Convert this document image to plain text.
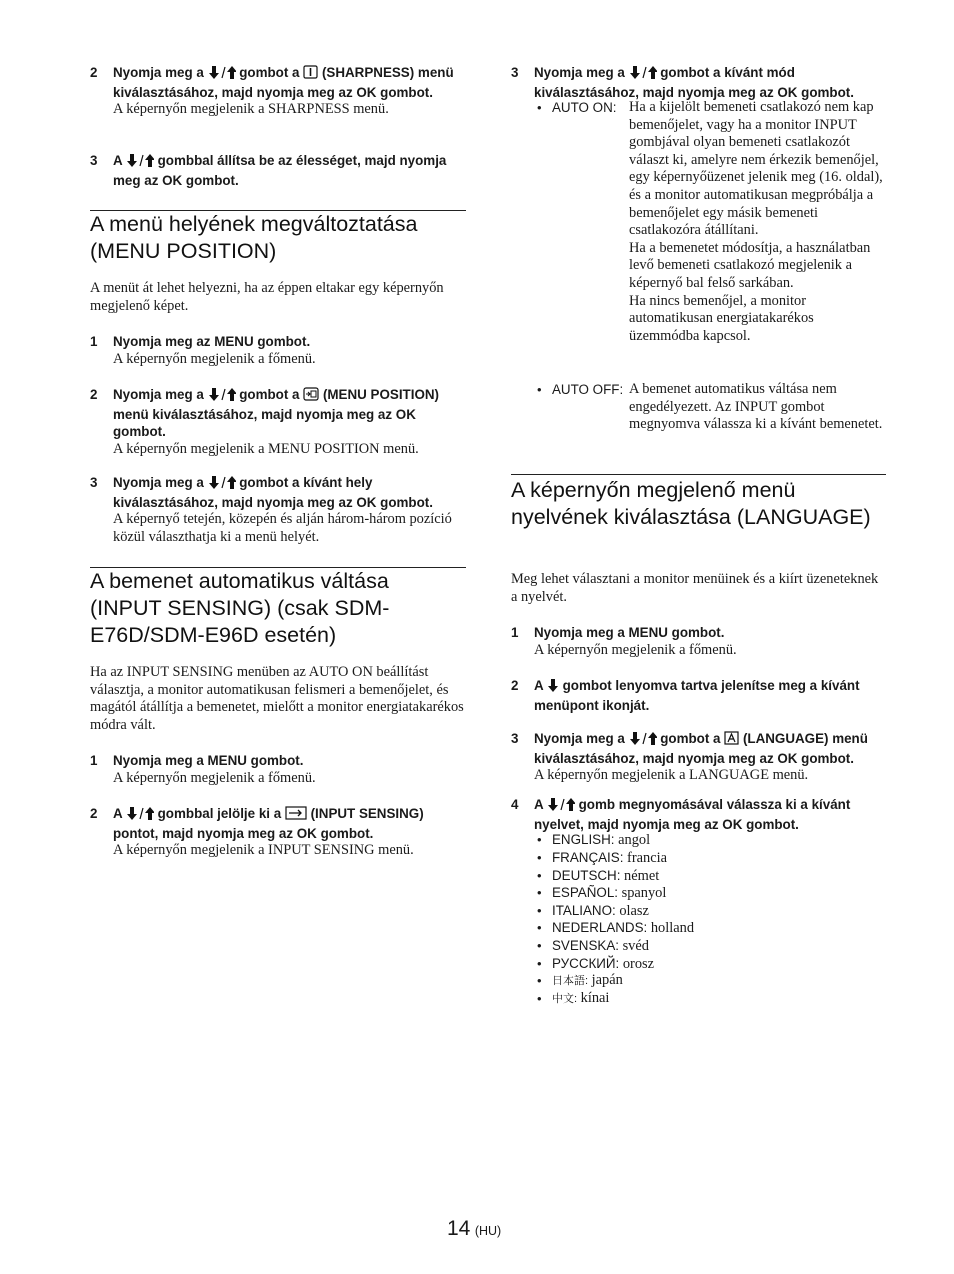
2 Nyomja meg a  gombot a  (SHARPNESS) menü kiválasztásához, majd nyomja meg az OK gombot.
A képernyőn megjelenik a SHARPNESS menü.
3 A  gombbal állítsa be az élességet, majd nyomja meg az OK gombot.
A menü helyének megváltoztatása (MENU POSITION)
A menüt át lehet helyezni, ha az éppen eltakar egy képernyőn megjelenő képet.
1 Nyomja meg az MENU gombot.
A képernyőn megjelenik a főmenü.
2 Nyomja meg a  gombot a  (MENU POSITION) menü kiválasztásához, majd nyomja meg az OK gombot.
A képernyőn megjelenik a MENU POSITION menü.
3 Nyomja meg a  gombot a kívánt hely kiválasztásához, majd nyomja meg az OK gombot.
A képernyő tetején, közepén és alján három-három pozíció közül választhatja ki a menü helyét.
A bemenet automatikus váltása (INPUT SENSING) (csak SDM-E76D/SDM-E96D esetén)
Ha az INPUT SENSING menüben az AUTO ON beállítást választja, a monitor automatikusan felismeri a bemenőjelet, és magától átállítja a bemenetet, mielőtt a monitor energiatakarékos módra vált.
1 Nyomja meg a MENU gombot.
A képernyőn megjelenik a főmenü.
2 A  gombbal jelölje ki a  (INPUT SENSING) pontot, majd nyomja meg az OK gombot.
A képernyőn megjelenik a INPUT SENSING menü.
3 Nyomja meg a  gombot a kívánt mód kiválasztásához, majd nyomja meg az OK gombot.
• AUTO ON: Ha a kijelölt bemeneti csatlakozó nem kap bemenőjelet, vagy ha a monitor INPUT gombjával olyan bemeneti csatlakozót választ ki, amelyre nem érkezik bemenőjel, egy képernyőüzenet jelenik meg (16. oldal), és a monitor automatikusan megpróbálja a bemenőjelet egy másik bemeneti csatlakozóra átállítani.
Ha a bemenetet módosítja, a használatban levő bemeneti csatlakozó megjelenik a képernyő bal felső sarkában.
Ha nincs bemenőjel, a monitor automatikusan energiatakarékos üzemmódba kapcsol.
• AUTO OFF: A bemenet automatikus váltása nem engedélyezett. Az INPUT gombot megnyomva válassza ki a kívánt bemenetet.
A képernyőn megjelenő menü nyelvének kiválasztása (LANGUAGE)
Meg lehet választani a monitor menüinek és a kiírt üzeneteknek a nyelvét.
1 Nyomja meg a MENU gombot.
A képernyőn megjelenik a főmenü.
2 A  gombot lenyomva tartva jelenítse meg a kívánt menüpont ikonját.
3 Nyomja meg a  gombot a  (LANGUAGE) menü kiválasztásához, majd nyomja meg az OK gombot.
A képernyőn megjelenik a LANGUAGE menü.
4 A  gomb megnyomásával válassza ki a kívánt nyelvet, majd nyomja meg az OK gombot.
• ENGLISH: angol
• FRANÇAIS: francia
• DEUTSCH: német
• ESPAÑOL: spanyol
• ITALIANO: olasz
• NEDERLANDS: holland
• SVENSKA: svéd
• РУССКИЙ: orosz
• 日本語: japán
• 中文: kínai
14 (HU)
